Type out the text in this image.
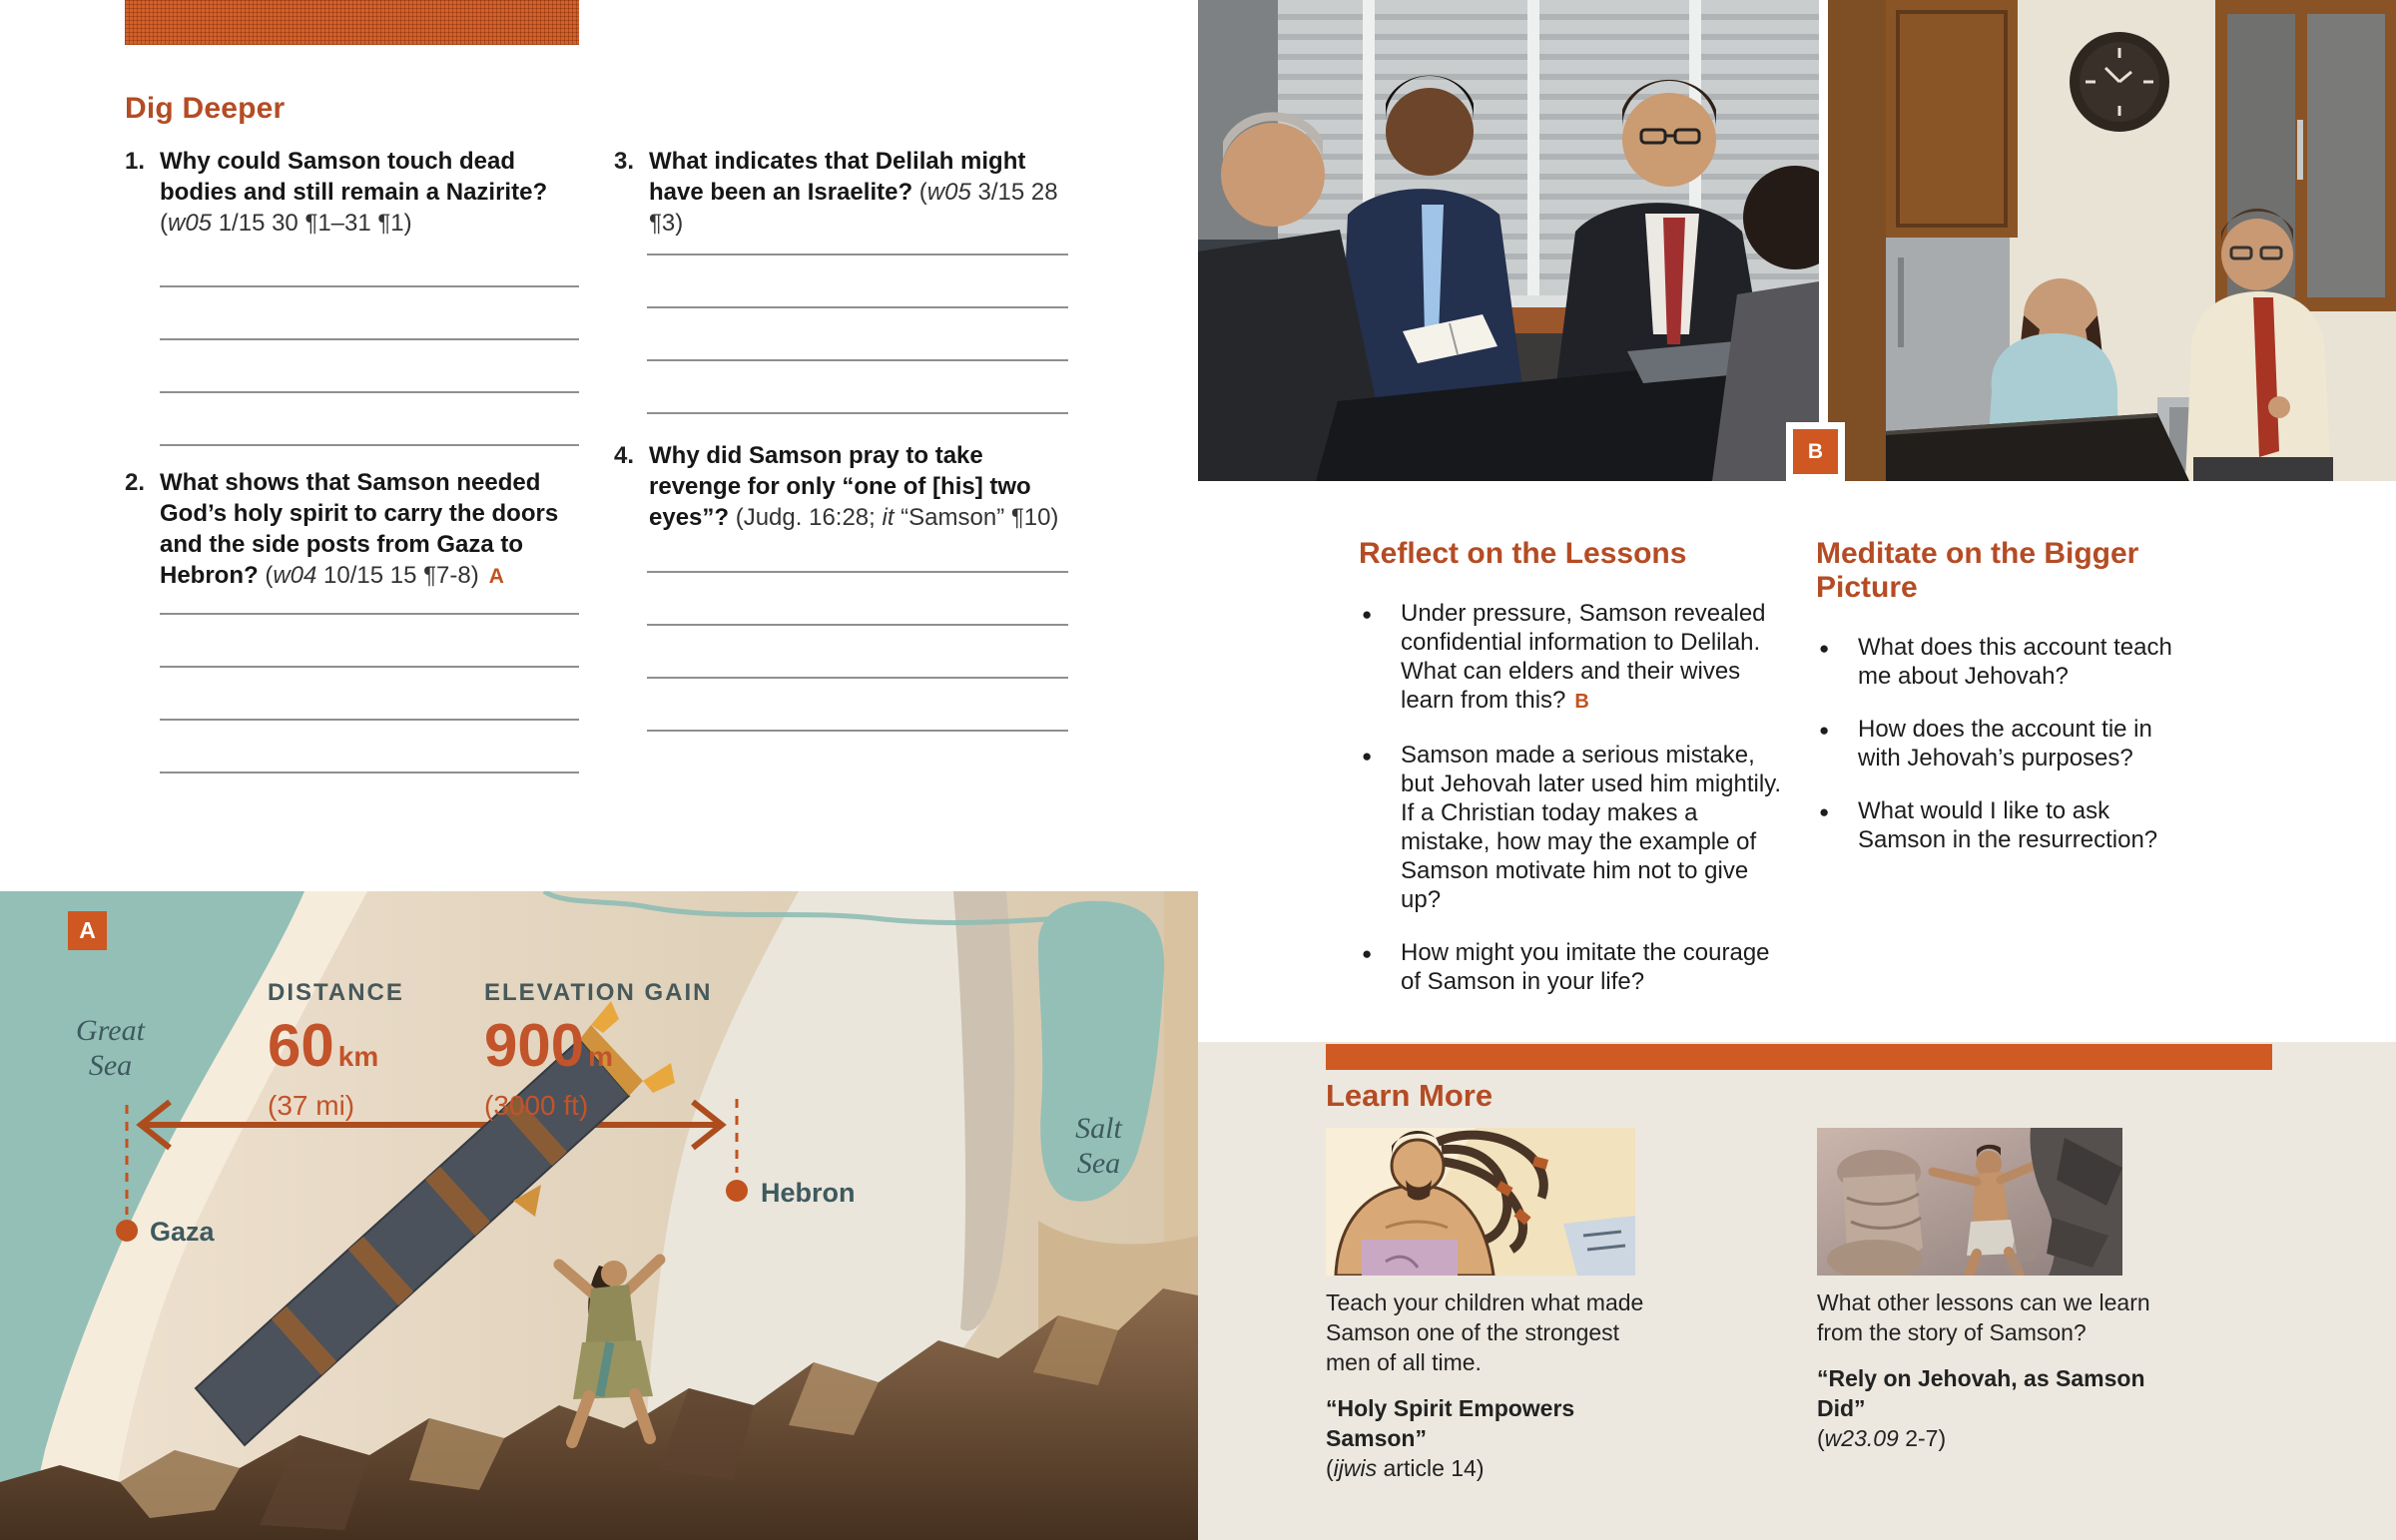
Dig Deeper
1. Why could Samson touch dead bodies and still remain a Nazirite? (w05 1/15 30 ¶1–31 ¶1)
2. What shows that Samson needed God’s holy spirit to carry the doors and the side posts from Gaza to Hebron? (w04 10/15 15 ¶7-8) A
3. What indicates that Delilah might have been an Israelite? (w05 3/15 28 ¶3)
4. Why did Samson pray to take revenge for only “one of [his] two eyes”? (Judg. 16:28; it “Samson” ¶10)
A
Great
Sea
Salt
Sea
DISTANCE
60 km
(37 mi)
ELEVATION GAIN
900 m
(3000 ft)
Gaza
Hebron
B
Reflect on the Lessons
● Under pressure, Samson revealed confidential information to Delilah. What can elders and their wives learn from this? B
● Samson made a serious mistake, but Jehovah later used him mightily. If a Christian today makes a mistake, how may the example of Samson motivate him not to give up?
● How might you imitate the courage of Samson in your life?
Meditate on the Bigger Picture
● What does this account teach me about Jehovah?
● How does the account tie in with Jehovah’s purposes?
● What would I like to ask Samson in the resurrection?
Learn More

Teach your children what made Samson one of the strongest men of all time.

“Holy Spirit Empowers Samson”

(ijwis article 14)

What other lessons can we learn from the story of Samson?

“Rely on Jehovah, as Samson Did”

(w23.09 2-7)
